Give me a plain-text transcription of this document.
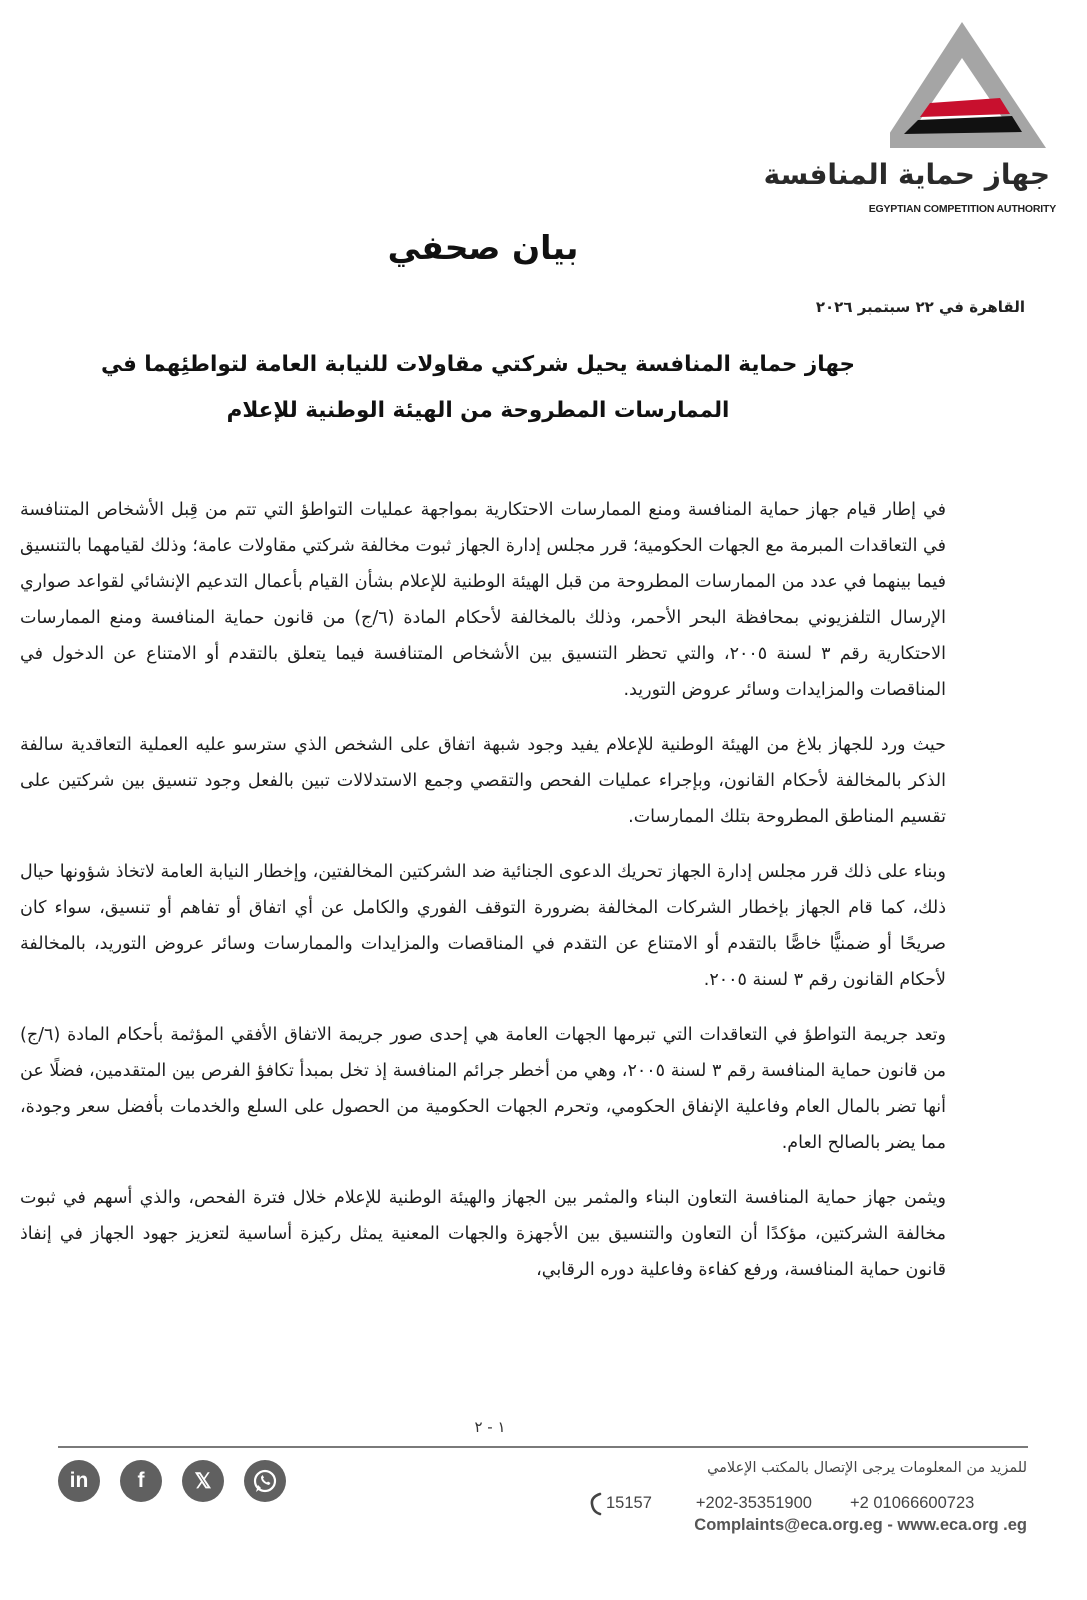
جهاز حماية المنافسة
EGYPTIAN COMPETITION AUTHORITY
بيان صحفي
القاهرة في ٢٢ سبتمبر ٢٠٢٦
جهاز حماية المنافسة يحيل شركتي مقاولات للنيابة العامة لتواطئِهما في الممارسات المطروحة من الهيئة الوطنية للإعلام

في إطار قيام جهاز حماية المنافسة ومنع الممارسات الاحتكارية بمواجهة عمليات التواطؤ التي تتم من قِبل الأشخاص المتنافسة في التعاقدات المبرمة مع الجهات الحكومية؛ قرر مجلس إدارة الجهاز ثبوت مخالفة شركتي مقاولات عامة؛ وذلك لقيامهما بالتنسيق فيما بينهما في عدد من الممارسات المطروحة من قبل الهيئة الوطنية للإعلام بشأن القيام بأعمال التدعيم الإنشائي لقواعد صواري الإرسال التلفزيوني بمحافظة البحر الأحمر، وذلك بالمخالفة لأحكام المادة (٦/ج) من قانون حماية المنافسة ومنع الممارسات الاحتكارية رقم ٣ لسنة ٢٠٠٥، والتي تحظر التنسيق بين الأشخاص المتنافسة فيما يتعلق بالتقدم أو الامتناع عن الدخول في المناقصات والمزايدات وسائر عروض التوريد.

حيث ورد للجهاز بلاغ من الهيئة الوطنية للإعلام يفيد وجود شبهة اتفاق على الشخص الذي سترسو عليه العملية التعاقدية سالفة الذكر بالمخالفة لأحكام القانون، وبإجراء عمليات الفحص والتقصي وجمع الاستدلالات تبين بالفعل وجود تنسيق بين شركتين على تقسيم المناطق المطروحة بتلك الممارسات.

وبناء على ذلك قرر مجلس إدارة الجهاز تحريك الدعوى الجنائية ضد الشركتين المخالفتين، وإخطار النيابة العامة لاتخاذ شؤونها حيال ذلك، كما قام الجهاز بإخطار الشركات المخالفة بضرورة التوقف الفوري والكامل عن أي اتفاق أو تفاهم أو تنسيق، سواء كان صريحًا أو ضمنيًّا خاصًّا بالتقدم أو الامتناع عن التقدم في المناقصات والمزايدات والممارسات وسائر عروض التوريد، بالمخالفة لأحكام القانون رقم ٣ لسنة ٢٠٠٥.

وتعد جريمة التواطؤ في التعاقدات التي تبرمها الجهات العامة هي إحدى صور جريمة الاتفاق الأفقي المؤثمة بأحكام المادة (٦/ج) من قانون حماية المنافسة رقم ٣ لسنة ٢٠٠٥، وهي من أخطر جرائم المنافسة إذ تخل بمبدأ تكافؤ الفرص بين المتقدمين، فضلًا عن أنها تضر بالمال العام وفاعلية الإنفاق الحكومي، وتحرم الجهات الحكومية من الحصول على السلع والخدمات بأفضل سعر وجودة، مما يضر بالصالح العام.

ويثمن جهاز حماية المنافسة التعاون البناء والمثمر بين الجهاز والهيئة الوطنية للإعلام خلال فترة الفحص، والذي أسهم في ثبوت مخالفة الشركتين، مؤكدًا أن التعاون والتنسيق بين الأجهزة والجهات المعنية يمثل ركيزة أساسية لتعزيز جهود الجهاز في إنفاذ قانون حماية المنافسة، ورفع كفاءة وفاعلية دوره الرقابي،

١ - ٢
in	f	𝕏
للمزيد من المعلومات يرجى الإتصال بالمكتب الإعلامي
15157	+202-35351900 +2 01066600723
Complaints@eca.org.eg - www.eca.org .eg
